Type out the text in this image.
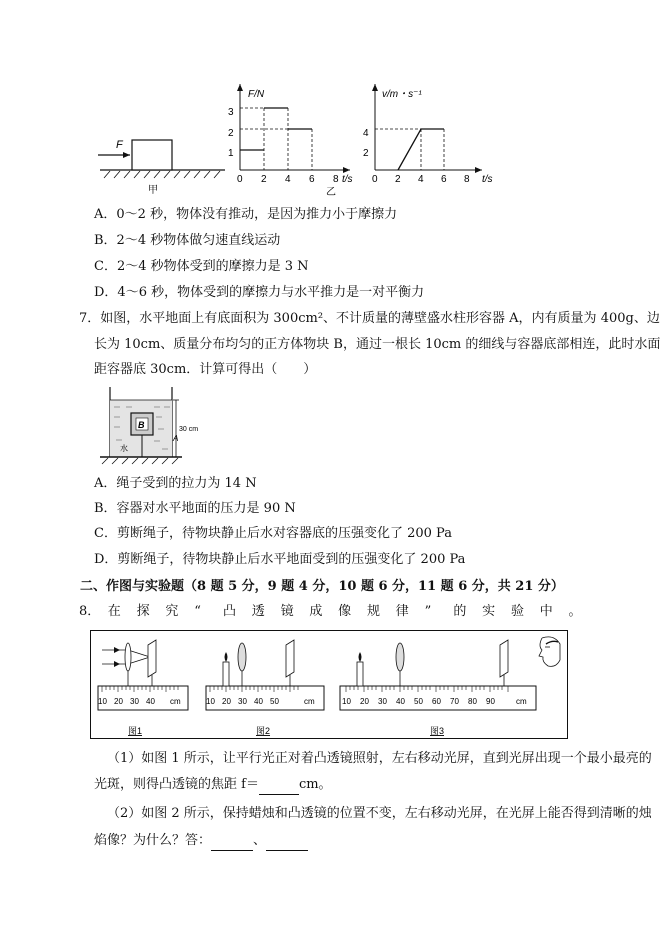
F
甲
F/N
1
2
3
0 2 4 6 8 t/s
v/m・s⁻¹
2
4
0 2 4 6 8 t/s
乙
A．0～2 秒，物体没有推动，是因为推力小于摩擦力
B．2～4 秒物体做匀速直线运动
C．2～4 秒物体受到的摩擦力是 3 N
D．4～6 秒，物体受到的摩擦力与水平推力是一对平衡力
7．如图，水平地面上有底面积为 300cm²、不计质量的薄壁盛水柱形容器 A，内有质量为 400g、边
长为 10cm、质量分布均匀的正方体物块 B，通过一根长 10cm 的细线与容器底部相连，此时水面
距容器底 30cm．计算可得出（　　）
B
水
30 cm
A
A．绳子受到的拉力为 14 N
B．容器对水平地面的压力是 90 N
C．剪断绳子，待物块静止后水对容器底的压强变化了 200 Pa
D．剪断绳子，待物块静止后水平地面受到的压强变化了 200 Pa
二、作图与实验题（8 题 5 分，9 题 4 分，10 题 6 分，11 题 6 分，共 21 分）
8． 在 探 究 “ 凸 透 镜 成 像 规 律 ” 的 实 验 中 。
10 20 30 40 cm
图1
10 20 30 40 50	cm
图2
10 20 30 40 50 60 70 80 90	cm
图3
（1）如图 1 所示，让平行光正对着凸透镜照射，左右移动光屏，直到光屏出现一个最小最亮的
光斑，则得凸透镜的焦距 f＝	cm。
（2）如图 2 所示，保持蜡烛和凸透镜的位置不变，左右移动光屏，在光屏上能否得到清晰的烛
焰像？为什么？答：	、
